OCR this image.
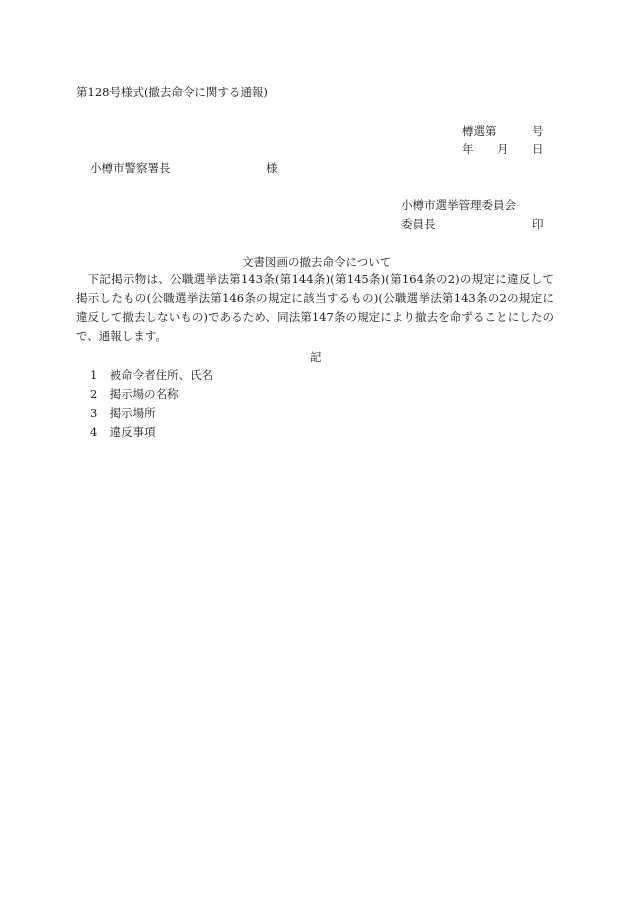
第128号様式(撤去命令に関する通報)
樽選第	号
年 月 日
小樽市警察署長	様
小樽市選挙管理委員会
委員長	印
文書図画の撤去命令について
下記掲示物は、公職選挙法第143条(第144条)(第145条)(第164条の2)の規定に違反して掲示したもの(公職選挙法第146条の規定に該当するもの)(公職選挙法第143条の2の規定に違反して撤去しないもの)であるため、同法第147条の規定により撤去を命ずることにしたので、通報します。
記
1 被命令者住所、氏名
2 掲示場の名称
3 掲示場所
4 違反事項
